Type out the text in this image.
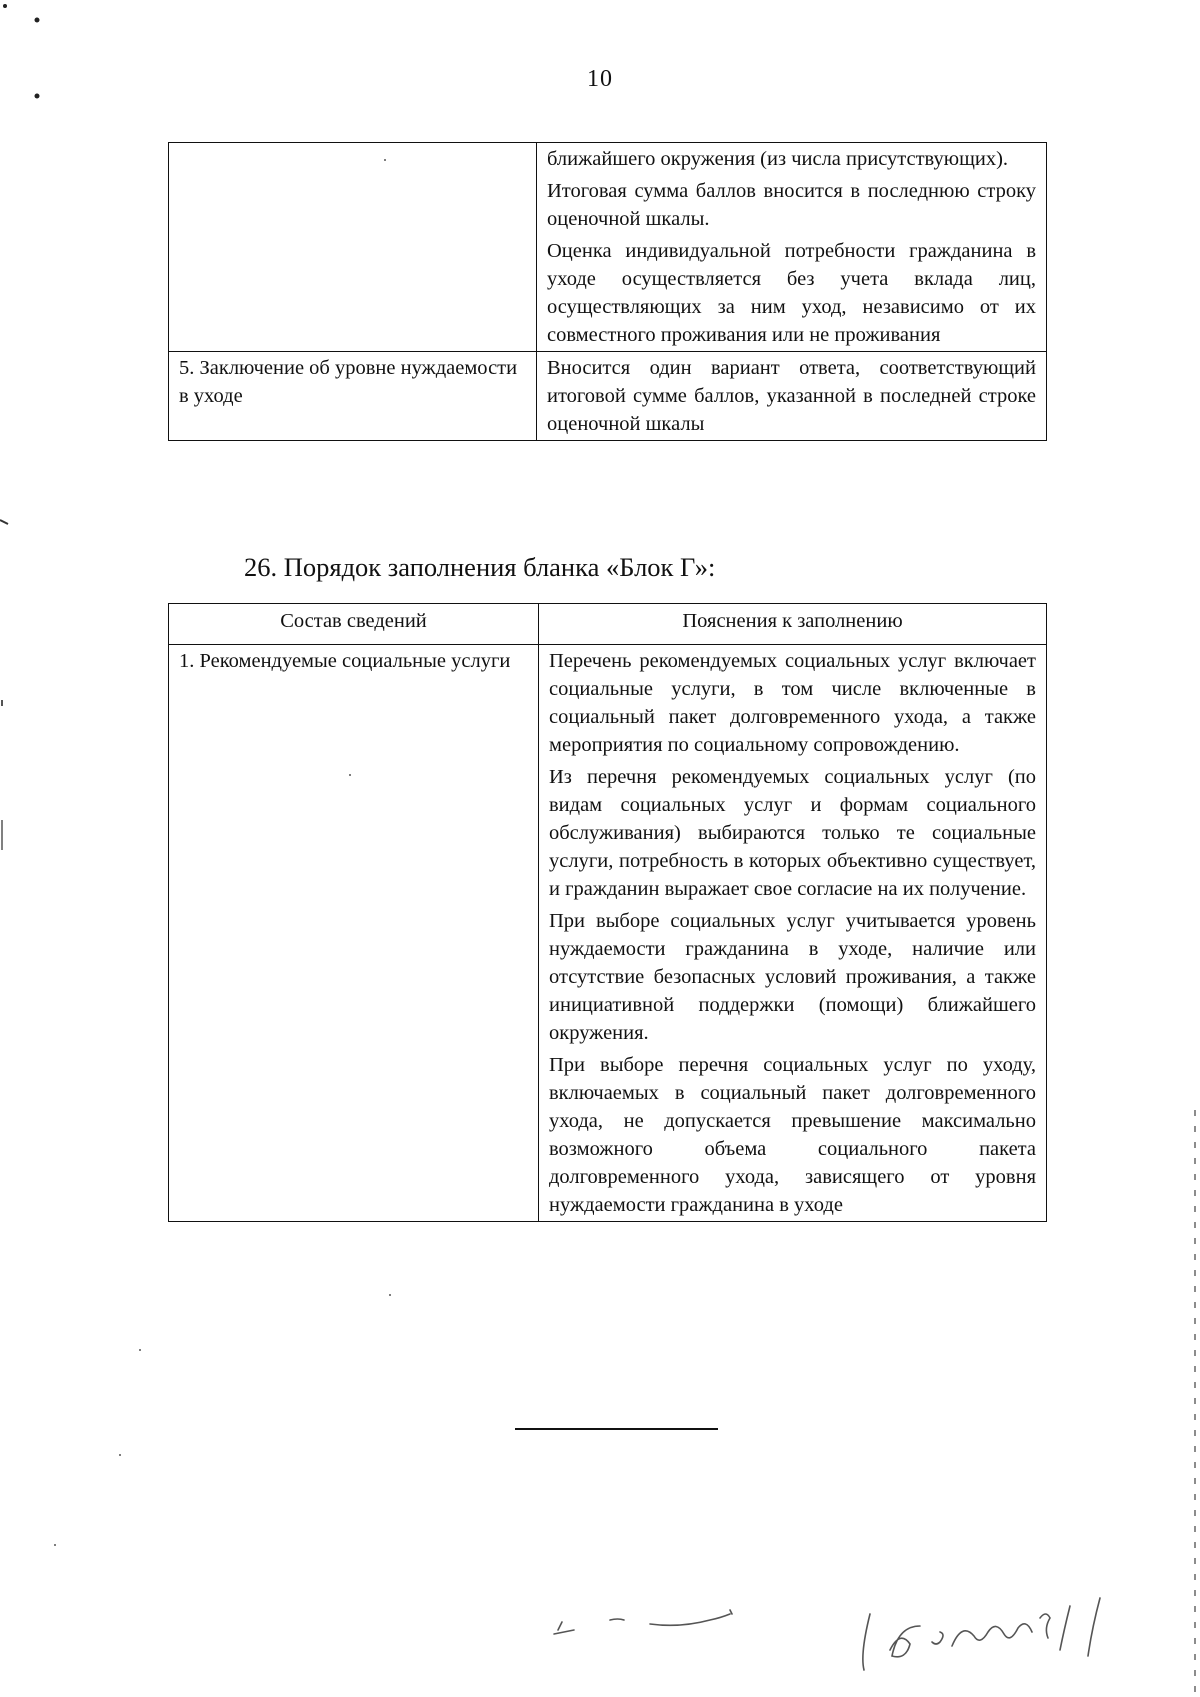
10

	ближайшего окружения (из числа присутствующих).
Итоговая сумма баллов вносится в последнюю строку оценочной шкалы.
Оценка индивидуальной потребности гражданина в уходе осуществляется без учета вклада лиц, осуществляющих за ним уход, независимо от их совместного проживания или не проживания

5. Заключение об уровне нуждаемости в уходе	Вносится один вариант ответа, соответствующий итоговой сумме баллов, указанной в последней строке оценочной шкалы
26. Порядок заполнения бланка «Блок Г»:
Состав сведений	Пояснения к заполнению
1. Рекомендуемые социальные услуги	Перечень рекомендуемых социальных услуг включает социальные услуги, в том числе включенные в социальный пакет долговременного ухода, а также мероприятия по социальному сопровождению.
Из перечня рекомендуемых социальных услуг (по видам социальных услуг и формам социального обслуживания) выбираются только те социальные услуги, потребность в которых объективно существует, и гражданин выражает свое согласие на их получение.
При выборе социальных услуг учитывается уровень нуждаемости гражданина в уходе, наличие или отсутствие безопасных условий проживания, а также инициативной поддержки (помощи) ближайшего окружения.
При выборе перечня социальных услуг по уходу, включаемых в социальный пакет долговременного ухода, не допускается превышение максимально возможного объема социального пакета долговременного ухода, зависящего от уровня нуждаемости гражданина в уходе
